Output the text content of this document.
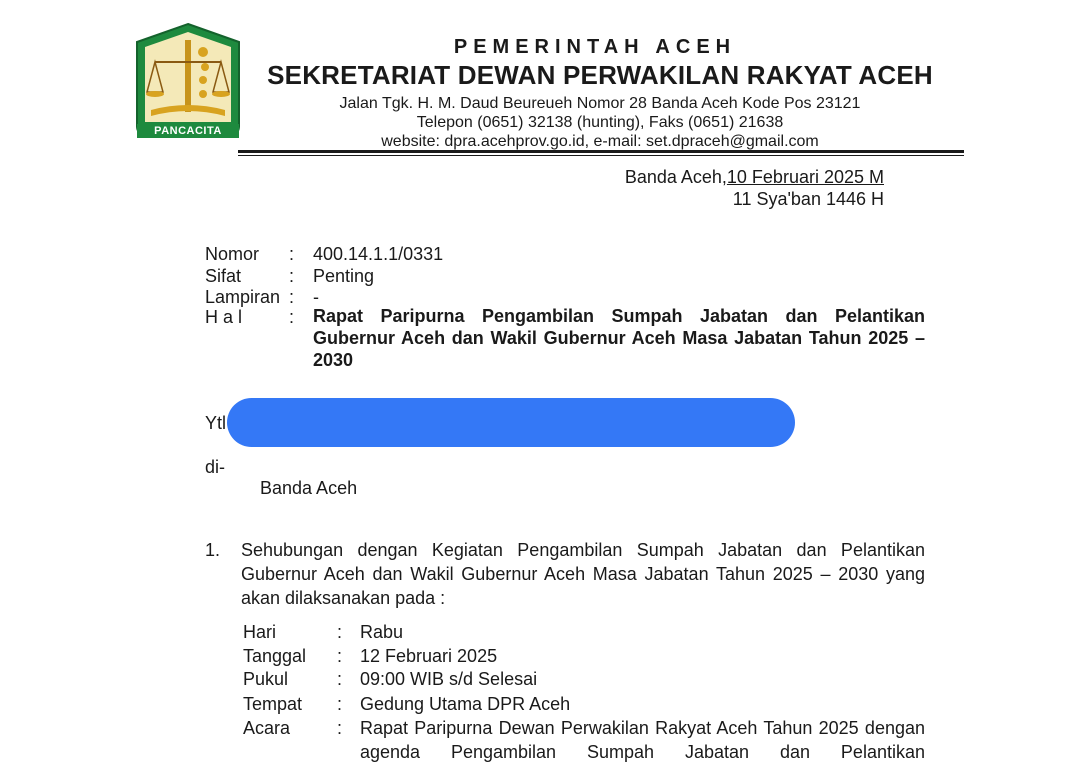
PANCACITA
PEMERINTAH ACEH
SEKRETARIAT DEWAN PERWAKILAN RAKYAT ACEH
Jalan Tgk. H. M. Daud Beureueh Nomor 28 Banda Aceh Kode Pos 23121
Telepon (0651) 32138 (hunting), Faks (0651) 21638
website: dpra.acehprov.go.id, e-mail: set.dpraceh@gmail.com
Banda Aceh,10 Februari 2025 M
11 Sya'ban 1446 H
Nomor : 400.14.1.1/0331
Sifat	: Penting
Lampiran : -
H a l	: Rapat Paripurna Pengambilan Sumpah Jabatan dan Pelantikan Gubernur Aceh dan Wakil Gubernur Aceh Masa Jabatan Tahun 2025 – 2030
Ytl
di-
Banda Aceh
1. Sehubungan dengan Kegiatan Pengambilan Sumpah Jabatan dan Pelantikan Gubernur Aceh dan Wakil Gubernur Aceh Masa Jabatan Tahun 2025 – 2030 yang akan dilaksanakan pada :
Hari	: Rabu
Tanggal : 12 Februari 2025
Pukul	: 09:00 WIB s/d Selesai
Tempat : Gedung Utama DPR Aceh
Acara	: Rapat Paripurna Dewan Perwakilan Rakyat Aceh Tahun 2025 dengan agenda Pengambilan Sumpah Jabatan dan Pelantikan
